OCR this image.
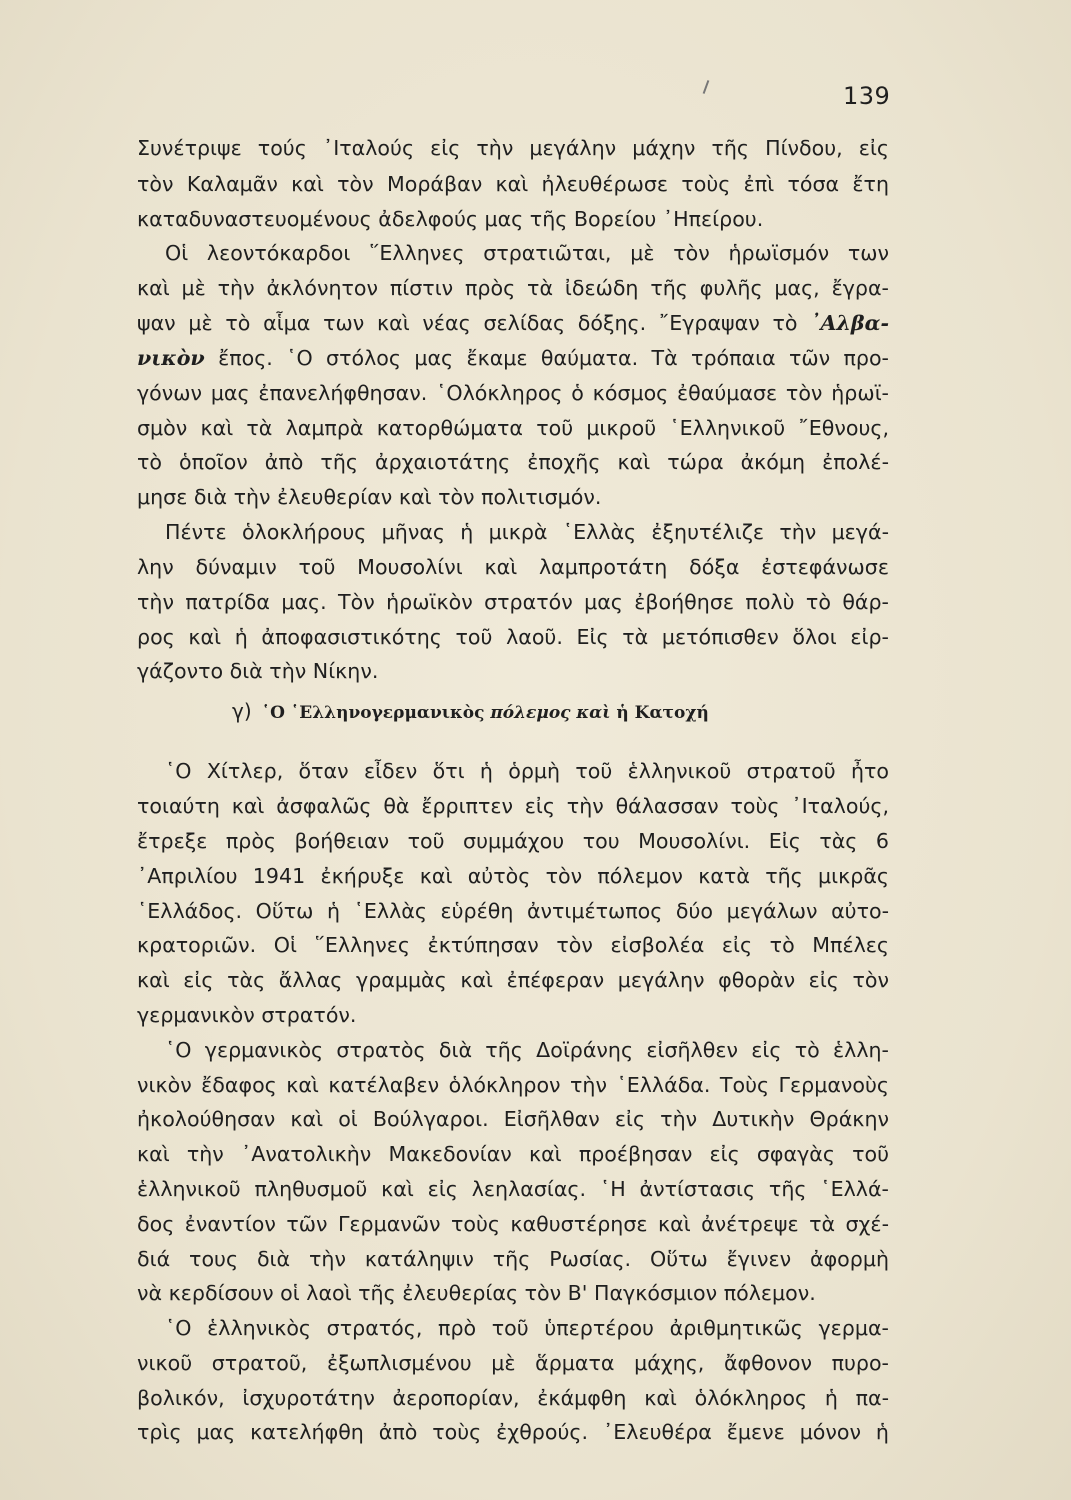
139
Συνέτριψε τούς ᾿Ιταλούς εἰς τὴν μεγάλην μάχην τῆς Πίνδου, εἰς
τὸν Καλαμᾶν καὶ τὸν Μοράβαν καὶ ἠλευθέρωσε τοὺς ἐπὶ τόσα ἔτη
καταδυναστευομένους ἀδελφούς μας τῆς Βορείου ᾿Ηπείρου.
Οἱ λεοντόκαρδοι ῞Ελληνες στρατιῶται, μὲ τὸν ἡρωϊσμόν των
καὶ μὲ τὴν ἀκλόνητον πίστιν πρὸς τὰ ἰδεώδη τῆς φυλῆς μας, ἔγρα-
ψαν μὲ τὸ αἷμα των καὶ νέας σελίδας δόξης. ῎Εγραψαν τὸ ᾿Αλβα-
νικὸν ἔπος. ῾Ο στόλος μας ἔκαμε θαύματα. Τὰ τρόπαια τῶν προ-
γόνων μας ἐπανελήφθησαν. ῾Ολόκληρος ὁ κόσμος ἐθαύμασε τὸν ἡρωϊ-
σμὸν καὶ τὰ λαμπρὰ κατορθώματα τοῦ μικροῦ ῾Ελληνικοῦ ῎Εθνους,
τὸ ὁποῖον ἀπὸ τῆς ἀρχαιοτάτης ἐποχῆς καὶ τώρα ἀκόμη ἐπολέ-
μησε διὰ τὴν ἐλευθερίαν καὶ τὸν πολιτισμόν.
Πέντε ὁλοκλήρους μῆνας ἡ μικρὰ ῾Ελλὰς ἐξηυτέλιζε τὴν μεγά-
λην δύναμιν τοῦ Μουσολίνι καὶ λαμπροτάτη δόξα ἐστεφάνωσε
τὴν πατρίδα μας. Τὸν ἡρωϊκὸν στρατόν μας ἐβοήθησε πολὺ τὸ θάρ-
ρος καὶ ἡ ἀποφασιστικότης τοῦ λαοῦ. Εἰς τὰ μετόπισθεν ὅλοι εἰρ-
γάζοντο διὰ τὴν Νίκην.
γ) ῾Ο ῾Ελληνογερμανικὸς πόλεμος καὶ ἡ Κατοχή
῾Ο Χίτλερ, ὅταν εἶδεν ὅτι ἡ ὁρμὴ τοῦ ἑλληνικοῦ στρατοῦ ἦτο
τοιαύτη καὶ ἀσφαλῶς θὰ ἔρριπτεν εἰς τὴν θάλασσαν τοὺς ᾿Ιταλούς,
ἔτρεξε πρὸς βοήθειαν τοῦ συμμάχου του Μουσολίνι. Εἰς τὰς 6
᾿Απριλίου 1941 ἐκήρυξε καὶ αὐτὸς τὸν πόλεμον κατὰ τῆς μικρᾶς
῾Ελλάδος. Οὕτω ἡ ῾Ελλὰς εὑρέθη ἀντιμέτωπος δύο μεγάλων αὐτο-
κρατοριῶν. Οἱ ῞Ελληνες ἐκτύπησαν τὸν εἰσβολέα εἰς τὸ Μπέλες
καὶ εἰς τὰς ἄλλας γραμμὰς καὶ ἐπέφεραν μεγάλην φθορὰν εἰς τὸν
γερμανικὸν στρατόν.
῾Ο γερμανικὸς στρατὸς διὰ τῆς Δοϊράνης εἰσῆλθεν εἰς τὸ ἑλλη-
νικὸν ἔδαφος καὶ κατέλαβεν ὁλόκληρον τὴν ῾Ελλάδα. Τοὺς Γερμανοὺς
ἠκολούθησαν καὶ οἱ Βούλγαροι. Εἰσῆλθαν εἰς τὴν Δυτικὴν Θράκην
καὶ τὴν ᾿Ανατολικὴν Μακεδονίαν καὶ προέβησαν εἰς σφαγὰς τοῦ
ἑλληνικοῦ πληθυσμοῦ καὶ εἰς λεηλασίας. ῾Η ἀντίστασις τῆς ῾Ελλά-
δος ἐναντίον τῶν Γερμανῶν τοὺς καθυστέρησε καὶ ἀνέτρεψε τὰ σχέ-
διά τους διὰ τὴν κατάληψιν τῆς Ρωσίας. Οὕτω ἔγινεν ἀφορμὴ
νὰ κερδίσουν οἱ λαοὶ τῆς ἐλευθερίας τὸν Β' Παγκόσμιον πόλεμον.
῾Ο ἑλληνικὸς στρατός, πρὸ τοῦ ὑπερτέρου ἀριθμητικῶς γερμα-
νικοῦ στρατοῦ, ἐξωπλισμένου μὲ ἅρματα μάχης, ἄφθονον πυρο-
βολικόν, ἰσχυροτάτην ἀεροπορίαν, ἐκάμφθη καὶ ὁλόκληρος ἡ πα-
τρὶς μας κατελήφθη ἀπὸ τοὺς ἐχθρούς. ᾿Ελευθέρα ἔμενε μόνον ἡ
